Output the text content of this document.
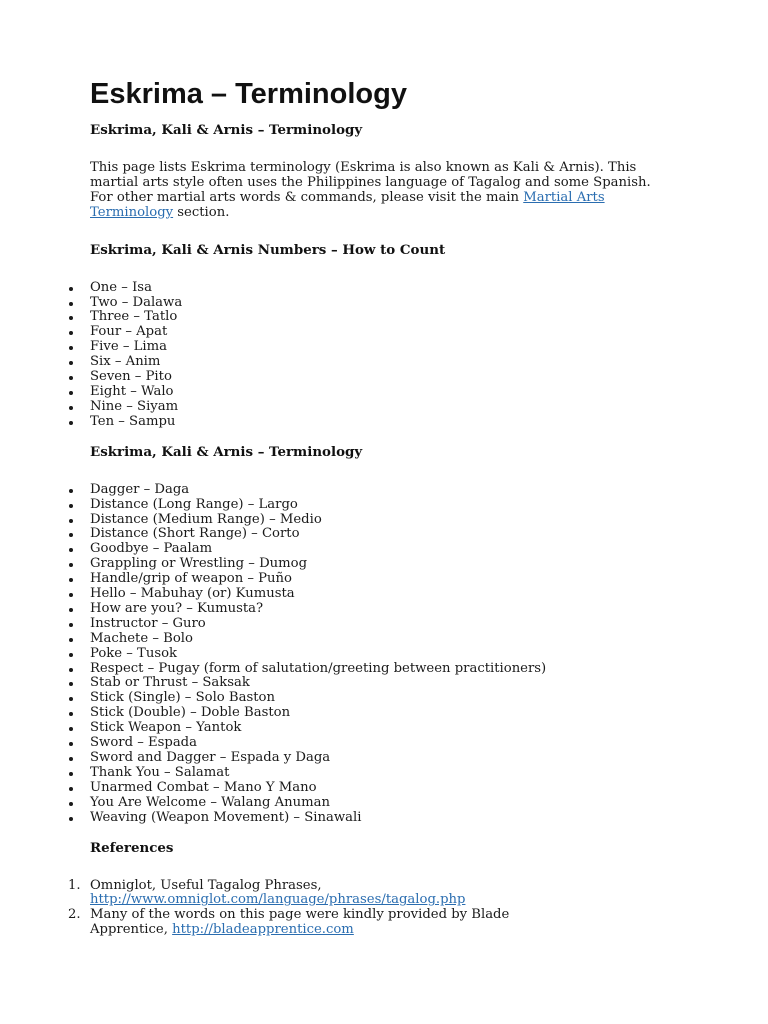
Eskrima – Terminology
Eskrima, Kali & Arnis – Terminology

This page lists Eskrima terminology (Eskrima is also known as Kali & Arnis). This martial arts style often uses the Philippines language of Tagalog and some Spanish. For other martial arts words & commands, please visit the main Martial Arts Terminology section.

Eskrima, Kali & Arnis Numbers – How to Count
One – Isa
Two – Dalawa
Three – Tatlo
Four – Apat
Five – Lima
Six – Anim
Seven – Pito
Eight – Walo
Nine – Siyam
Ten – Sampu
Eskrima, Kali & Arnis – Terminology
Dagger – Daga
Distance (Long Range) – Largo
Distance (Medium Range) – Medio
Distance (Short Range) – Corto
Goodbye – Paalam
Grappling or Wrestling – Dumog
Handle/grip of weapon – Puño
Hello – Mabuhay (or) Kumusta
How are you? – Kumusta?
Instructor – Guro
Machete – Bolo
Poke – Tusok
Respect – Pugay (form of salutation/greeting between practitioners)
Stab or Thrust – Saksak
Stick (Single) – Solo Baston
Stick (Double) – Doble Baston
Stick Weapon – Yantok
Sword – Espada
Sword and Dagger – Espada y Daga
Thank You – Salamat
Unarmed Combat – Mano Y Mano
You Are Welcome – Walang Anuman
Weaving (Weapon Movement) – Sinawali
References
1. Omniglot, Useful Tagalog Phrases, http://www.omniglot.com/language/phrases/tagalog.php
2. Many of the words on this page were kindly provided by Blade Apprentice, http://bladeapprentice.com
